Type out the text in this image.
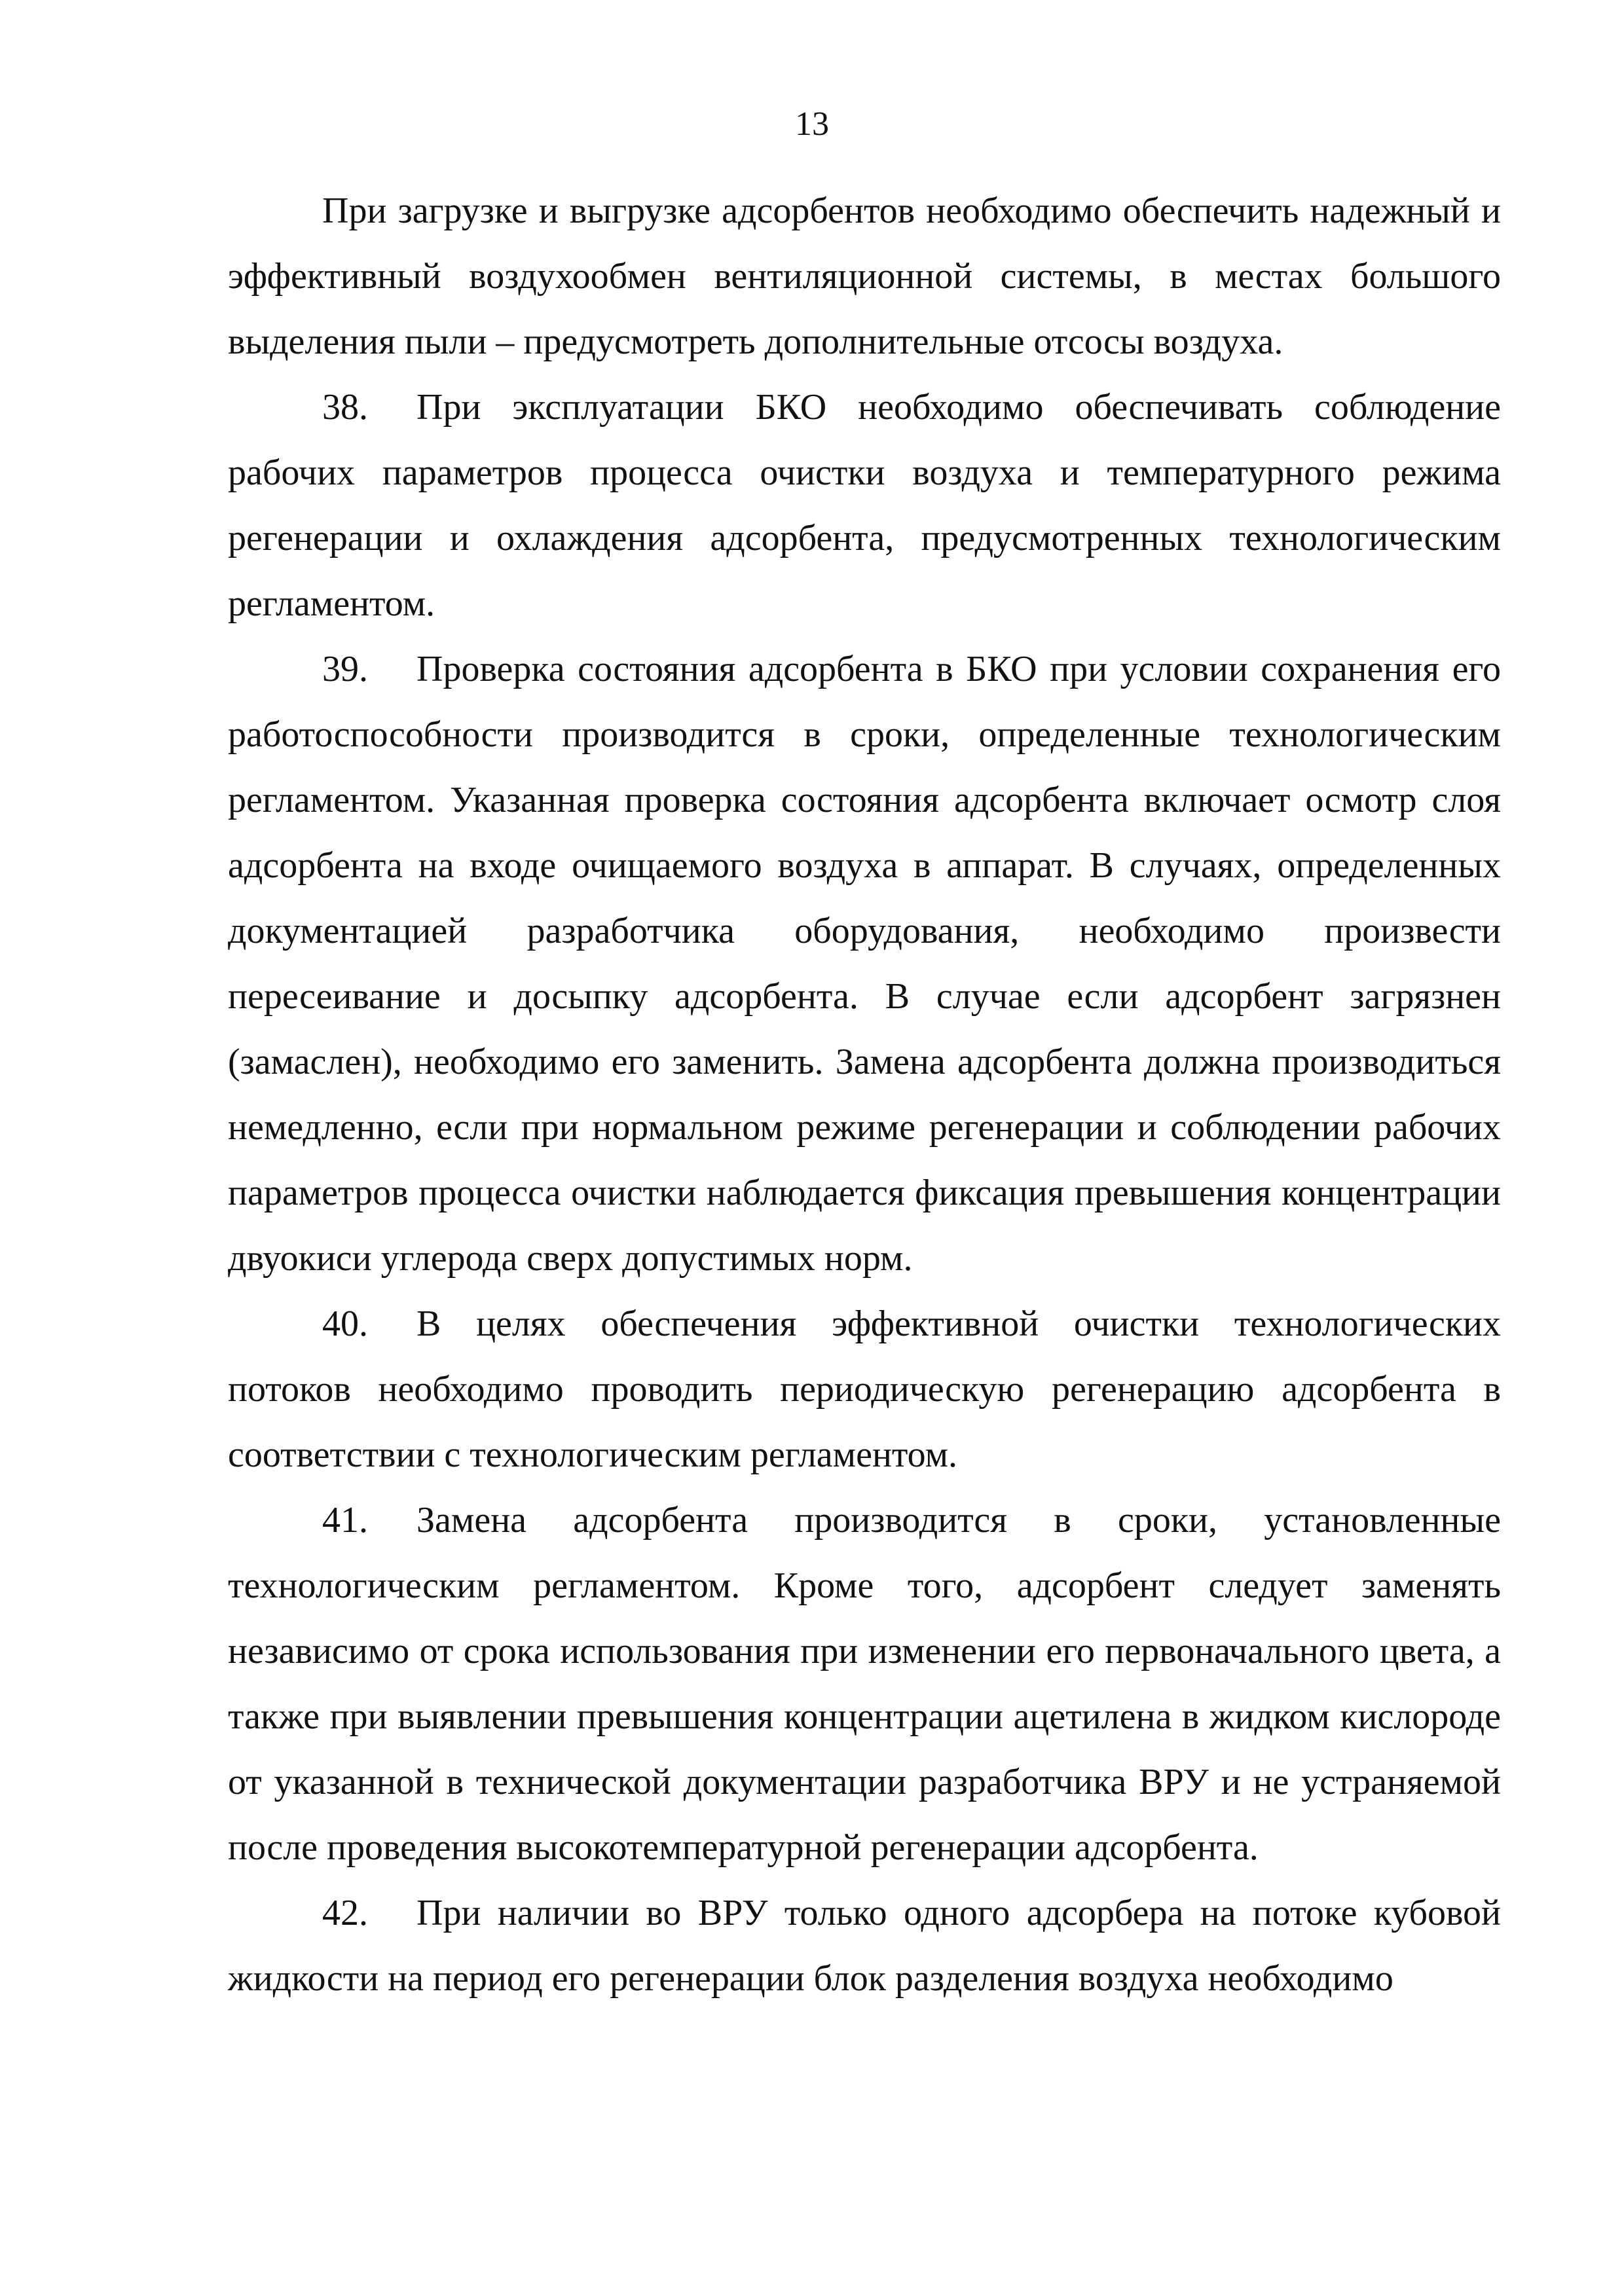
13

При загрузке и выгрузке адсорбентов необходимо обеспечить надежный и эффективный воздухообмен вентиляционной системы, в местах большого выделения пыли – предусмотреть дополнительные отсосы воздуха.

38. При эксплуатации БКО необходимо обеспечивать соблюдение рабочих параметров процесса очистки воздуха и температурного режима регенерации и охлаждения адсорбента, предусмотренных технологическим регламентом.

39. Проверка состояния адсорбента в БКО при условии сохранения его работоспособности производится в сроки, определенные технологическим регламентом. Указанная проверка состояния адсорбента включает осмотр слоя адсорбента на входе очищаемого воздуха в аппарат. В случаях, определенных документацией разработчика оборудования, необходимо произвести пересеивание и досыпку адсорбента. В случае если адсорбент загрязнен (замаслен), необходимо его заменить. Замена адсорбента должна производиться немедленно, если при нормальном режиме регенерации и соблюдении рабочих параметров процесса очистки наблюдается фиксация превышения концентрации двуокиси углерода сверх допустимых норм.

40. В целях обеспечения эффективной очистки технологических потоков необходимо проводить периодическую регенерацию адсорбента в соответствии с технологическим регламентом.

41. Замена адсорбента производится в сроки, установленные технологическим регламентом. Кроме того, адсорбент следует заменять независимо от срока использования при изменении его первоначального цвета, а также при выявлении превышения концентрации ацетилена в жидком кислороде от указанной в технической документации разработчика ВРУ и не устраняемой после проведения высокотемпературной регенерации адсорбента.

42. При наличии во ВРУ только одного адсорбера на потоке кубовой жидкости на период его регенерации блок разделения воздуха необходимо
